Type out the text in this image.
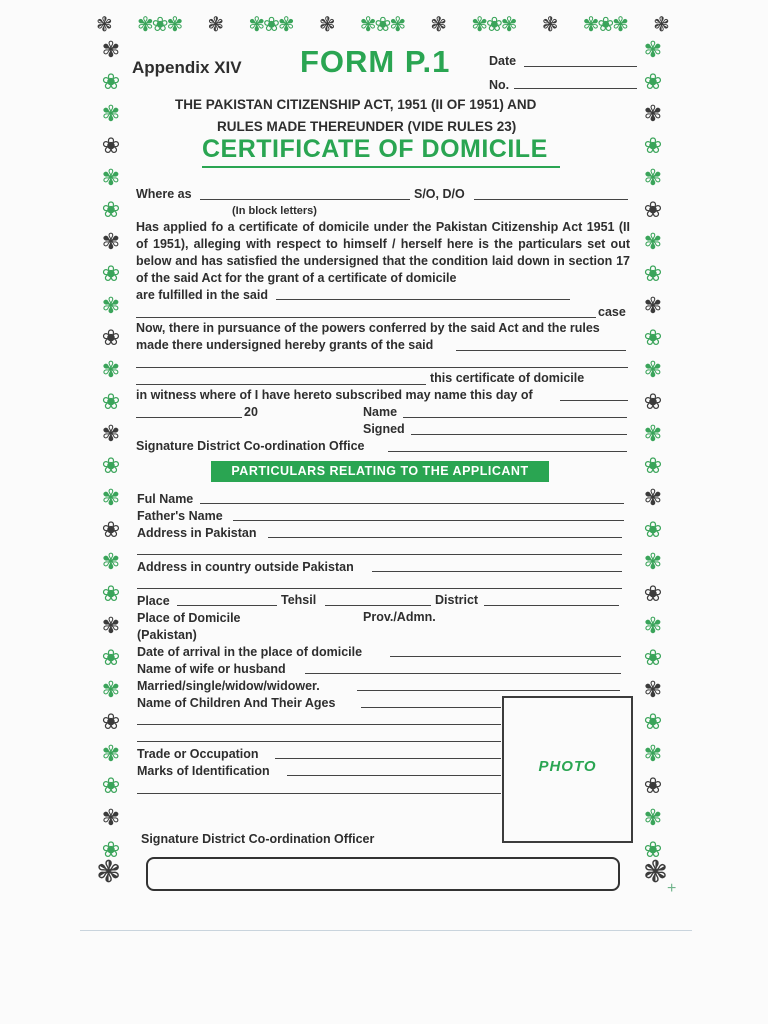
❃ ✾❀✾ ❃ ✾❀✾ ❃ ✾❀✾ ❃ ✾❀✾ ❃ ✾❀✾ ❃
✾
❀
✾
❀
✾
❀
✾
❀
✾
❀
✾
❀
✾
❀
✾
❀
✾
❀
✾
❀
✾
❀
✾
❀
✾
❀
✾
❀
✾
❀
✾
❀
✾
❀
✾
❀
✾
❀
✾
❀
✾
❀
✾
❀
✾
❀
✾
❀
✾
❀
✾
❀
❃	❃
Appendix XIV FORM P.1	Date
No.
THE PAKISTAN CITIZENSHIP ACT, 1951 (II OF 1951) AND
RULES MADE THEREUNDER (VIDE RULES 23)
CERTIFICATE OF DOMICILE
Where as	S/O, D/O
(In block letters)
Has applied fo a certificate of domicile under the Pakistan Citizenship Act 1951 (II of 1951), alleging with respect to himself / herself here is the particulars set out below and has satisfied the undersigned that the condition laid down in section 17 of the said Act for the grant of a certificate of domicile
are fulfilled in the said
case
Now, there in pursuance of the powers conferred by the said Act and the rules
made there undersigned hereby grants of the said
this certificate of domicile
in witness where of I have hereto subscribed may name this day of
20	Name
Signed
Signature District Co-ordination Office
PARTICULARS RELATING TO THE APPLICANT
Ful Name
Father's Name
Address in Pakistan
Address in country outside Pakistan
Place	Tehsil	District
Place of Domicile	Prov./Admn.
(Pakistan)
Date of arrival in the place of domicile
Name of wife or husband
Married/single/widow/widower.
Name of Children And Their Ages
Trade or Occupation
Marks of Identification	PHOTO
Signature District Co-ordination Officer
+
